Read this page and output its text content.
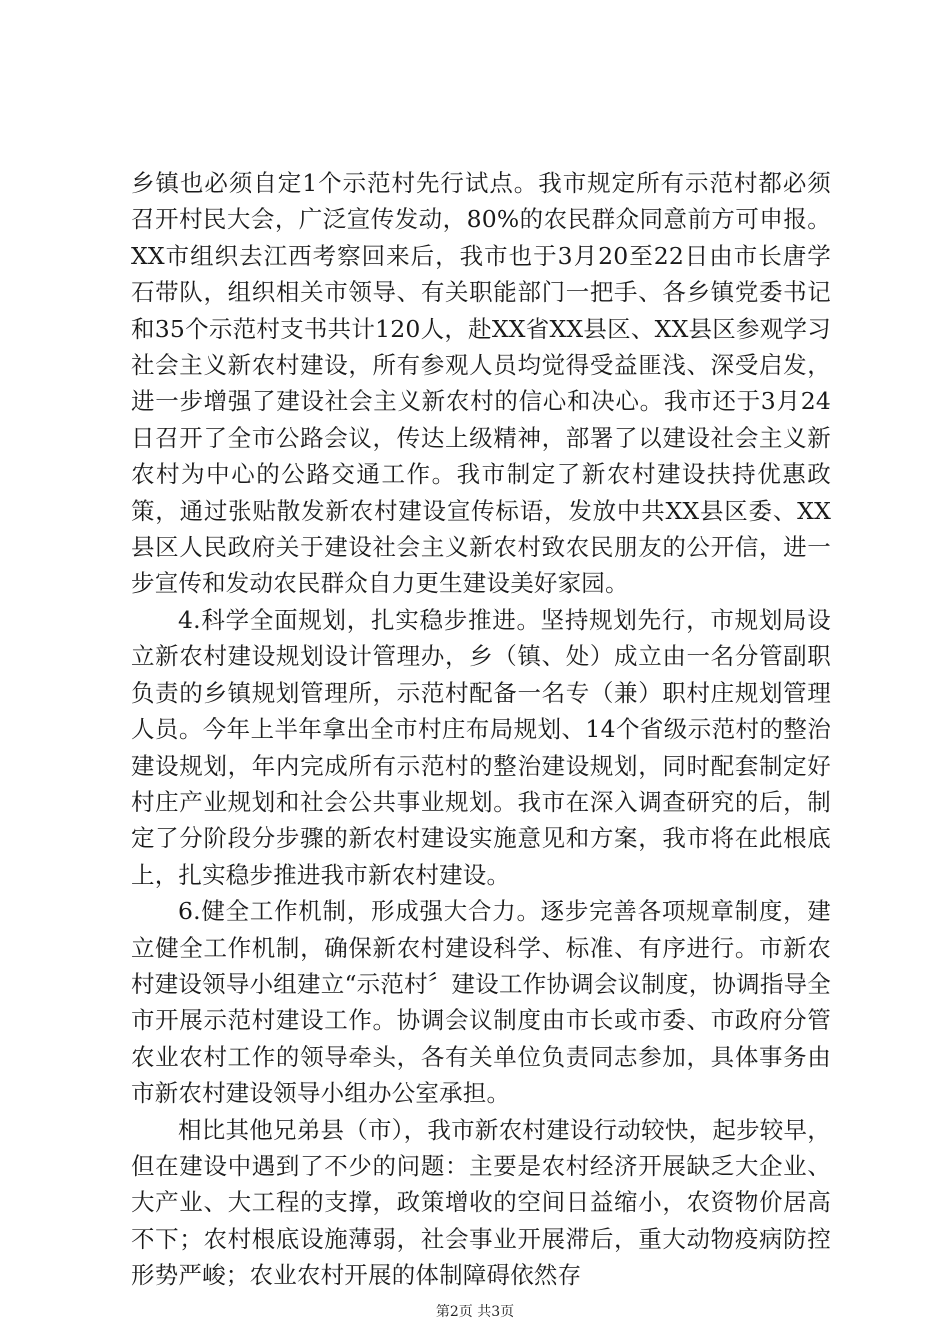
乡镇也必须自定1个示范村先行试点。我市规定所有示范村都必须召开村民大会，广泛宣传发动，80%的农民群众同意前方可申报。XX市组织去江西考察回来后，我市也于3月20至22日由市长唐学石带队，组织相关市领导、有关职能部门一把手、各乡镇党委书记和35个示范村支书共计120人，赴XX省XX县区、XX县区参观学习社会主义新农村建设，所有参观人员均觉得受益匪浅、深受启发，进一步增强了建设社会主义新农村的信心和决心。我市还于3月24日召开了全市公路会议，传达上级精神，部署了以建设社会主义新农村为中心的公路交通工作。我市制定了新农村建设扶持优惠政策，通过张贴散发新农村建设宣传标语，发放中共XX县区委、XX县区人民政府关于建设社会主义新农村致农民朋友的公开信，进一步宣传和发动农民群众自力更生建设美好家园。

4.科学全面规划，扎实稳步推进。坚持规划先行，市规划局设立新农村建设规划设计管理办，乡（镇、处）成立由一名分管副职负责的乡镇规划管理所，示范村配备一名专（兼）职村庄规划管理人员。今年上半年拿出全市村庄布局规划、14个省级示范村的整治建设规划，年内完成所有示范村的整治建设规划，同时配套制定好村庄产业规划和社会公共事业规划。我市在深入调查研究的后，制定了分阶段分步骤的新农村建设实施意见和方案，我市将在此根底上，扎实稳步推进我市新农村建设。

6.健全工作机制，形成强大合力。逐步完善各项规章制度，建立健全工作机制，确保新农村建设科学、标准、有序进行。市新农村建设领导小组建立“示范村〞建设工作协调会议制度，协调指导全市开展示范村建设工作。协调会议制度由市长或市委、市政府分管农业农村工作的领导牵头，各有关单位负责同志参加，具体事务由市新农村建设领导小组办公室承担。

相比其他兄弟县（市），我市新农村建设行动较快，起步较早，但在建设中遇到了不少的问题：主要是农村经济开展缺乏大企业、大产业、大工程的支撑，政策增收的空间日益缩小，农资物价居高不下；农村根底设施薄弱，社会事业开展滞后，重大动物疫病防控形势严峻；农业农村开展的体制障碍依然存

第2页 共3页
